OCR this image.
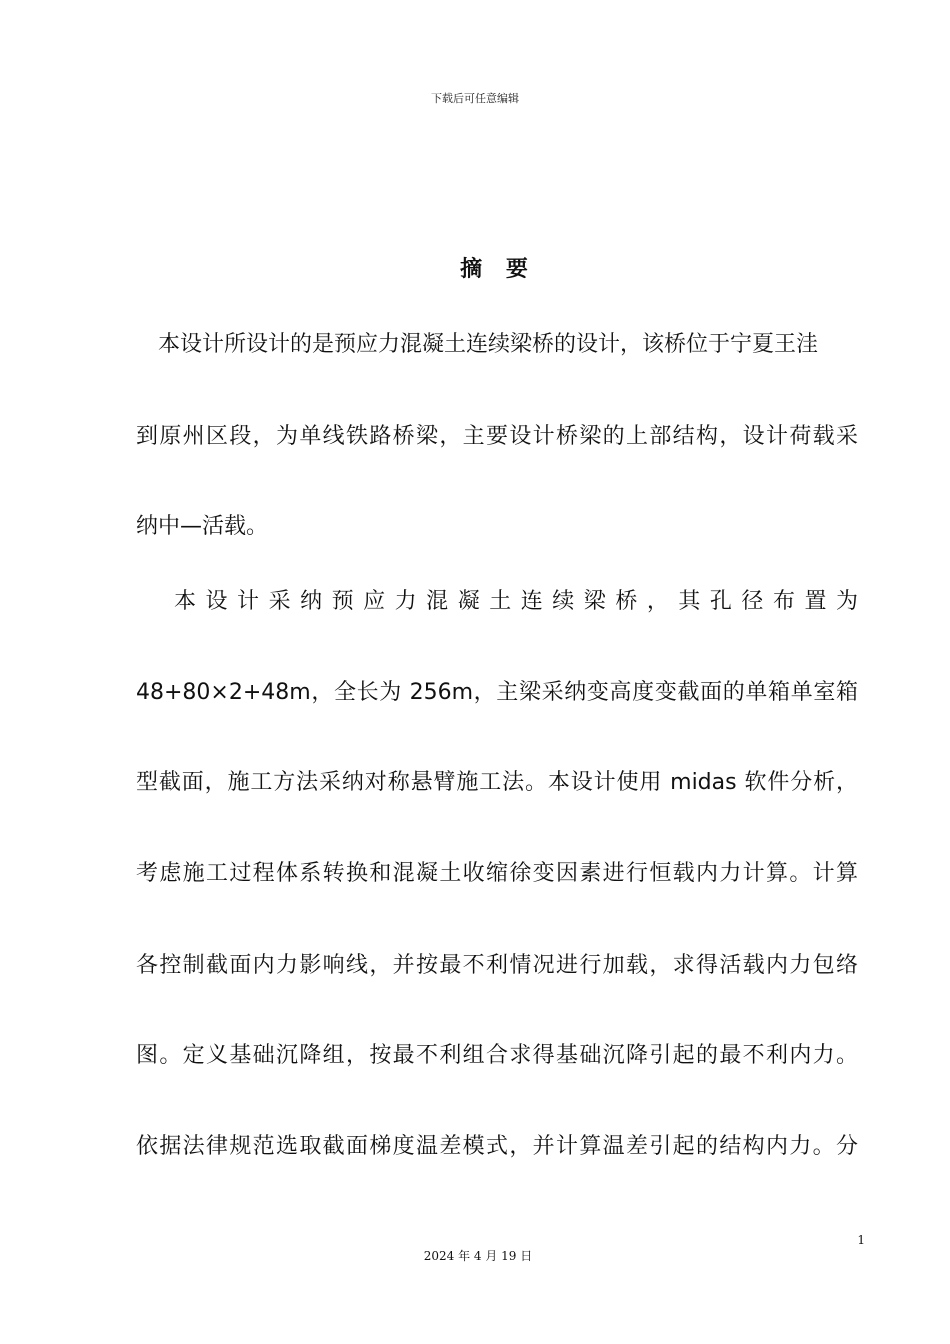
下载后可任意编辑
摘 要
本设计所设计的是预应力混凝土连续梁桥的设计，该桥位于宁夏王洼
到原州区段，为单线铁路桥梁，主要设计桥梁的上部结构，设计荷载采
纳中—活载。
本设计采纳预应力混凝土连续梁桥，其孔径布置为
48+80×2+48m，全长为 256m，主梁采纳变高度变截面的单箱单室箱
型截面，施工方法采纳对称悬臂施工法。本设计使用 midas 软件分析，
考虑施工过程体系转换和混凝土收缩徐变因素进行恒载内力计算。计算
各控制截面内力影响线，并按最不利情况进行加载，求得活载内力包络
图。定义基础沉降组，按最不利组合求得基础沉降引起的最不利内力。
依据法律规范选取截面梯度温差模式，并计算温差引起的结构内力。分
1
2024 年 4 月 19 日
